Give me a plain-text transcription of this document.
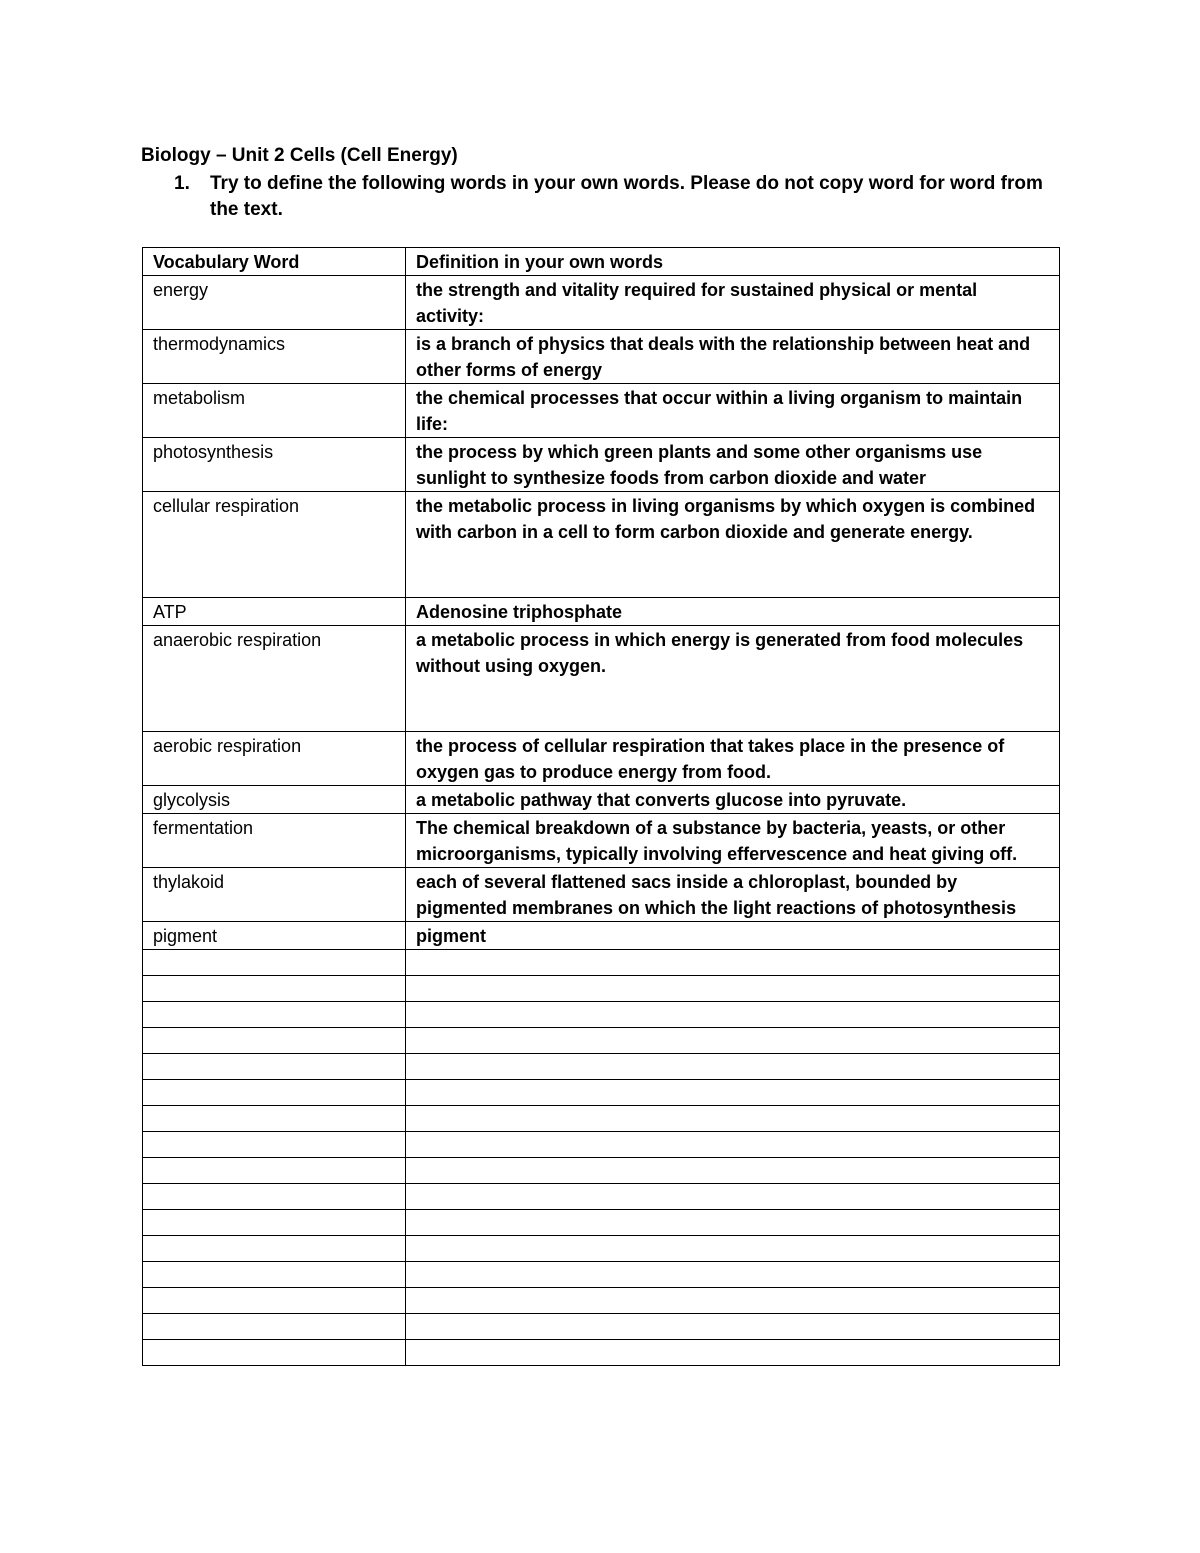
Biology – Unit 2 Cells (Cell Energy)
1. Try to define the following words in your own words. Please do not copy word for word from the text.
Vocabulary Word	Definition in your own words
energy	the strength and vitality required for sustained physical or mental activity:
thermodynamics	is a branch of physics that deals with the relationship between heat and other forms of energy
metabolism	the chemical processes that occur within a living organism to maintain life:
photosynthesis	the process by which green plants and some other organisms use sunlight to synthesize foods from carbon dioxide and water
cellular respiration	the metabolic process in living organisms by which oxygen is combined with carbon in a cell to form carbon dioxide and generate energy.
ATP	Adenosine triphosphate
anaerobic respiration	a metabolic process in which energy is generated from food molecules without using oxygen.
aerobic respiration	the process of cellular respiration that takes place in the presence of oxygen gas to produce energy from food.
glycolysis	a metabolic pathway that converts glucose into pyruvate.
fermentation	The chemical breakdown of a substance by bacteria, yeasts, or other microorganisms, typically involving effervescence and heat giving off.
thylakoid	each of several flattened sacs inside a chloroplast, bounded by pigmented membranes on which the light reactions of photosynthesis
pigment	pigment
